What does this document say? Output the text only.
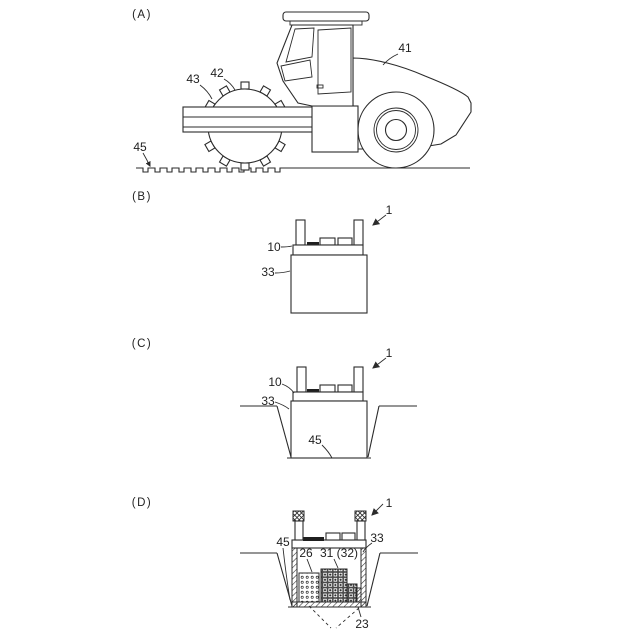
(A)
41
42
43
45
(B)
1
10
33
(C)
1
10
33
45
(D)	1
45
26 31 (32)
33
23
